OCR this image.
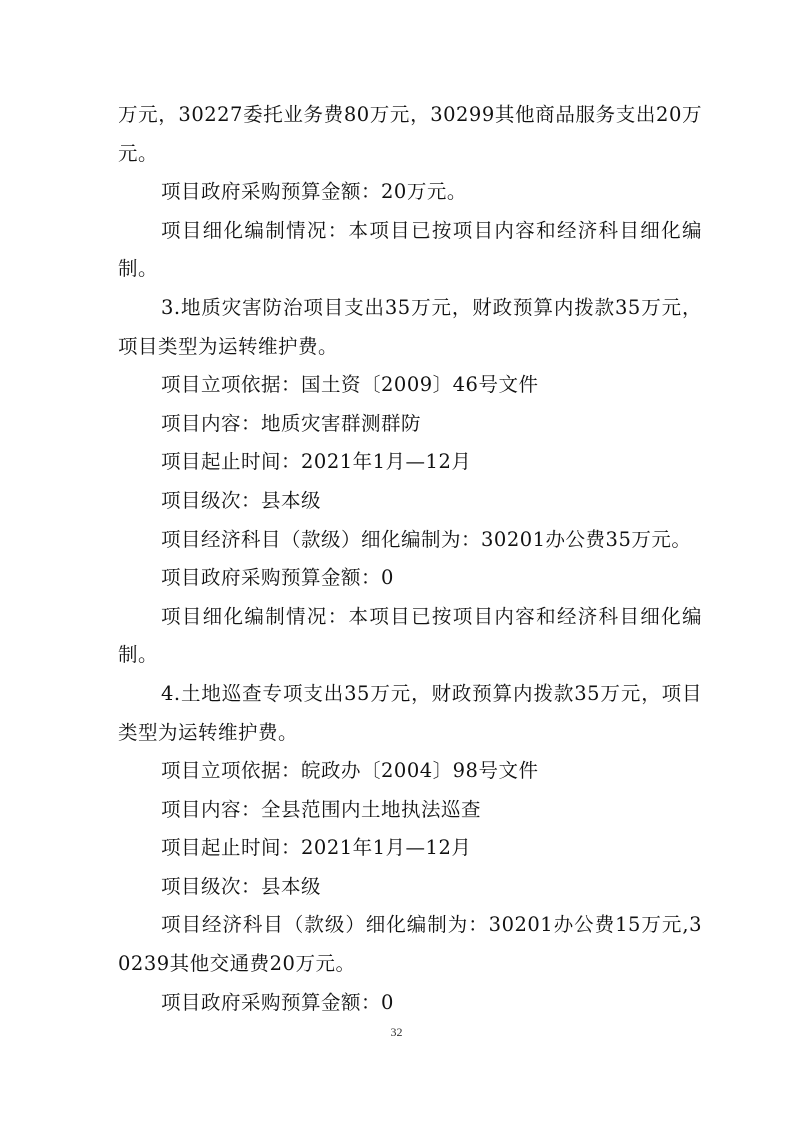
万元，30227委托业务费80万元，30299其他商品服务支出20万元。

项目政府采购预算金额：20万元。

项目细化编制情况：本项目已按项目内容和经济科目细化编制。

3.地质灾害防治项目支出35万元，财政预算内拨款35万元，项目类型为运转维护费。

项目立项依据：国土资〔2009〕46号文件

项目内容：地质灾害群测群防

项目起止时间：2021年1月—12月

项目级次：县本级

项目经济科目（款级）细化编制为：30201办公费35万元。

项目政府采购预算金额：0

项目细化编制情况：本项目已按项目内容和经济科目细化编制。

4.土地巡查专项支出35万元，财政预算内拨款35万元，项目类型为运转维护费。

项目立项依据：皖政办〔2004〕98号文件

项目内容：全县范围内土地执法巡查

项目起止时间：2021年1月—12月

项目级次：县本级

项目经济科目（款级）细化编制为：30201办公费15万元,30239其他交通费20万元。

项目政府采购预算金额：0

32
